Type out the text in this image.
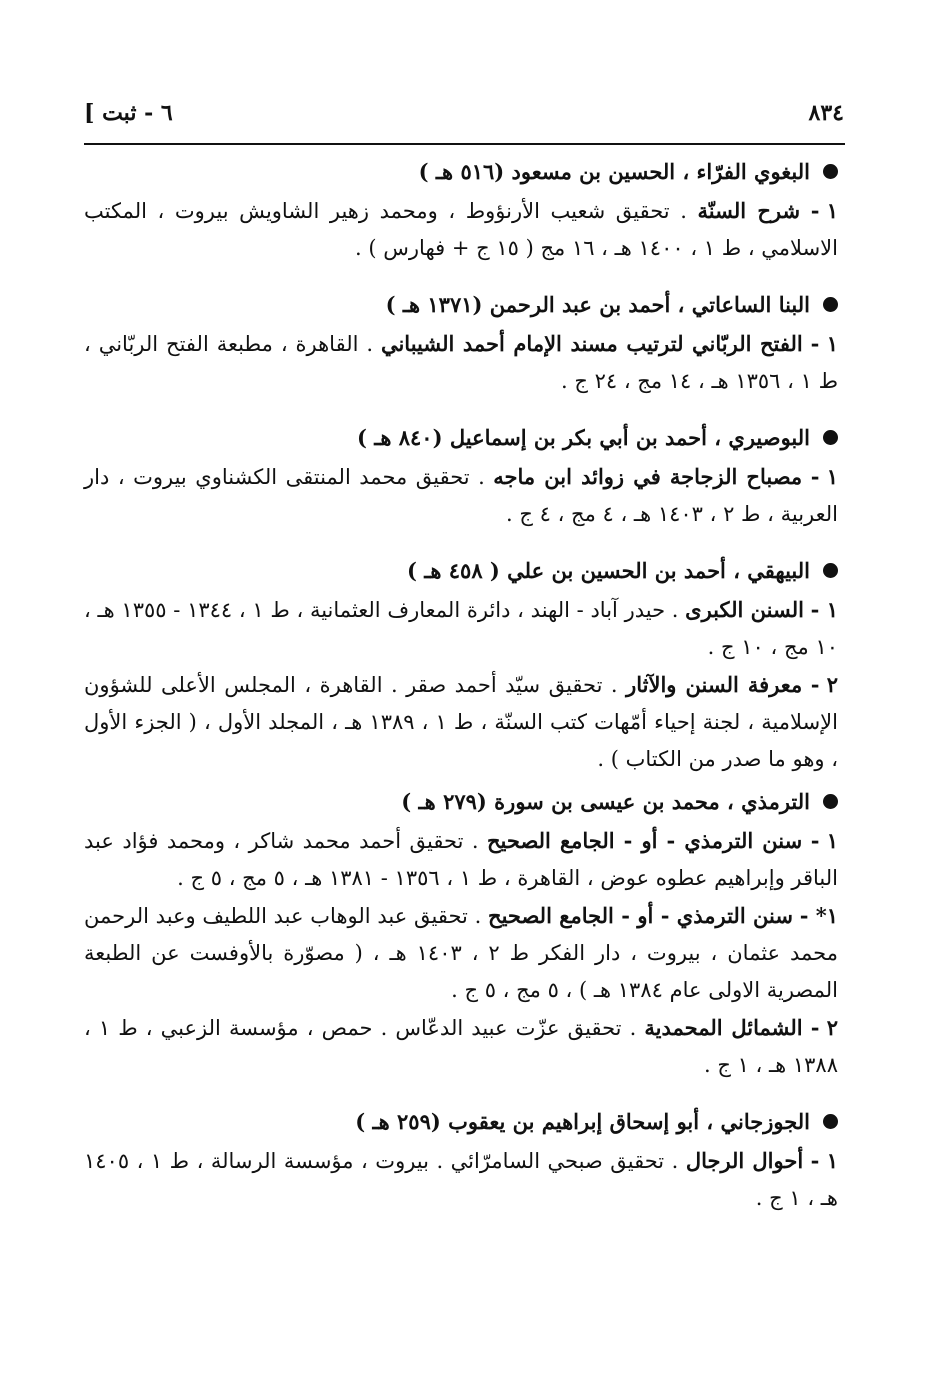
٨٣٤
[ ٦ - ثبت
البغوي الفرّاء ، الحسين بن مسعود (٥١٦ هـ )
١ - شرح السنّة . تحقيق شعيب الأرنؤوط ، ومحمد زهير الشاويش بيروت ، المكتب الاسلامي ، ط ١ ، ١٤٠٠ هـ ، ١٦ مج ( ١٥ ج + فهارس ) .
البنا الساعاتي ، أحمد بن عبد الرحمن (١٣٧١ هـ )
١ - الفتح الربّاني لترتيب مسند الإمام أحمد الشيباني . القاهرة ، مطبعة الفتح الربّاني ، ط ١ ، ١٣٥٦ هـ ، ١٤ مج ، ٢٤ ج .
البوصيري ، أحمد بن أبي بكر بن إسماعيل (٨٤٠ هـ )
١ - مصباح الزجاجة في زوائد ابن ماجه . تحقيق محمد المنتقى الكشناوي بيروت ، دار العربية ، ط ٢ ، ١٤٠٣ هـ ، ٤ مج ، ٤ ج .
البيهقي ، أحمد بن الحسين بن علي ( ٤٥٨ هـ )
١ - السنن الكبرى . حيدر آباد - الهند ، دائرة المعارف العثمانية ، ط ١ ، ١٣٤٤ - ١٣٥٥ هـ ، ١٠ مج ، ١٠ ج .
٢ - معرفة السنن والآثار . تحقيق سيّد أحمد صقر . القاهرة ، المجلس الأعلى للشؤون الإسلامية ، لجنة إحياء أمّهات كتب السنّة ، ط ١ ، ١٣٨٩ هـ ، المجلد الأول ، ( الجزء الأول ، وهو ما صدر من الكتاب ) .
الترمذي ، محمد بن عيسى بن سورة (٢٧٩ هـ )
١ - سنن الترمذي - أو - الجامع الصحيح . تحقيق أحمد محمد شاكر ، ومحمد فؤاد عبد الباقر وإبراهيم عطوه عوض ، القاهرة ، ط ١ ، ١٣٥٦ - ١٣٨١ هـ ، ٥ مج ، ٥ ج .
١* - سنن الترمذي - أو - الجامع الصحيح . تحقيق عبد الوهاب عبد اللطيف وعبد الرحمن محمد عثمان ، بيروت ، دار الفكر ط ٢ ، ١٤٠٣ هـ ، ( مصوّرة بالأوفست عن الطبعة المصرية الاولى عام ١٣٨٤ هـ ) ، ٥ مج ، ٥ ج .
٢ - الشمائل المحمدية . تحقيق عزّت عبيد الدعّاس . حمص ، مؤسسة الزعبي ، ط ١ ، ١٣٨٨ هـ ، ١ ج .
الجوزجاني ، أبو إسحاق إبراهيم بن يعقوب (٢٥٩ هـ )
١ - أحوال الرجال . تحقيق صبحي السامرّائي . بيروت ، مؤسسة الرسالة ، ط ١ ، ١٤٠٥ هـ ، ١ ج .
